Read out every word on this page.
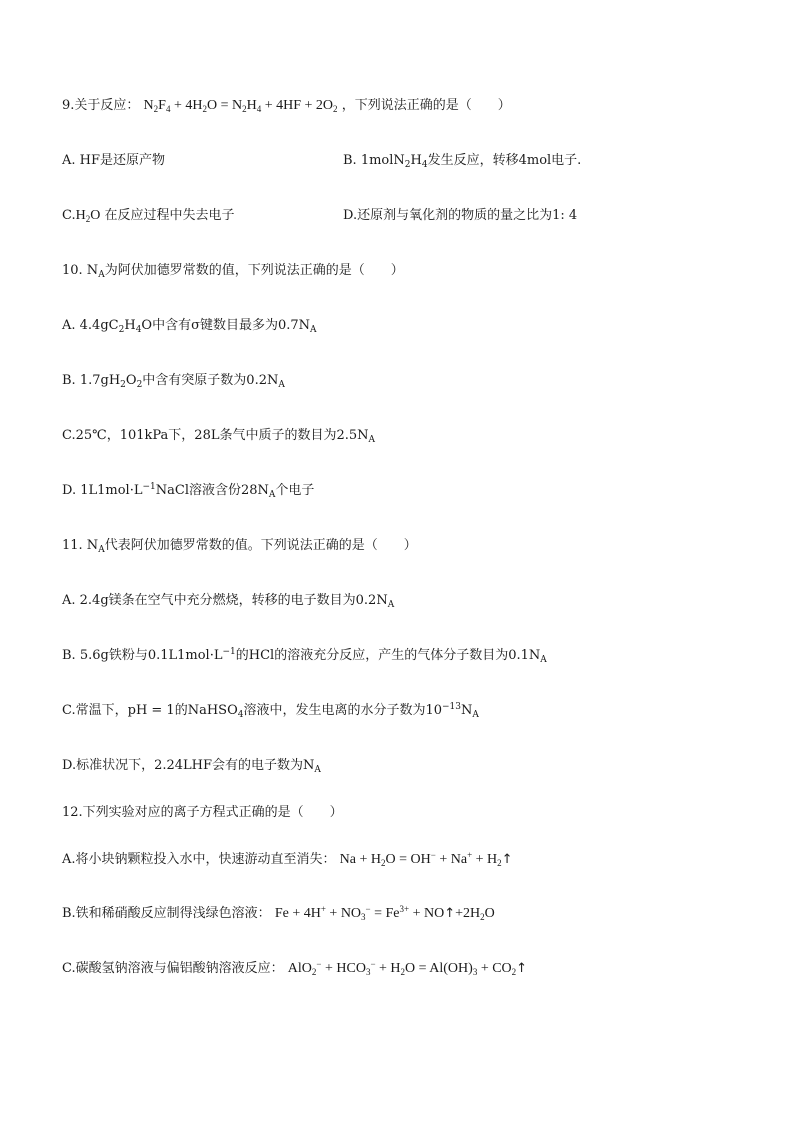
9.关于反应： $N_2F_4 + 4H_2O = N_2H_4 + 4HF + 2O_2$ ，下列说法正确的是（　　）
A. HF是还原产物	B. $1molN_2H_4$发生反应，转移4mol电子.
$C.H_2O$ 在反应过程中失去电子	D.还原剂与氧化剂的物质的量之比为1: 4
10. $N_A$为阿伏加德罗常数的值，下列说法正确的是（　　）
A. $4.4gC_2H_4O$中含有σ键数目最多为$0.7N_A$
B. $1.7gH_2O_2$中含有突原子数为$0.2N_A$
C.25℃，101kPa下，28L条气中质子的数目为$2.5N_A$
D. $1L1mol\cdot L^{-1}NaCl$溶液含份$28N_A$个电子
11. $N_A$代表阿伏加德罗常数的值。下列说法正确的是（　　）
A. 2.4g镁条在空气中充分燃烧，转移的电子数目为$0.2N_A$
B. 5.6g铁粉与$0.1L1mol\cdot L^{-1}$的HCl的溶液充分反应，产生的气体分子数目为$0.1N_A$
C.常温下，pH = 1的NaHSO$_4$溶液中，发生电离的水分子数为$10^{-13}N_A$
D.标准状况下，2.24LHF会有的电子数为$N_A$
12.下列实验对应的离子方程式正确的是（　　）
A.将小块钠颗粒投入水中，快速游动直至消失： $Na + H_2O = OH^- + Na^+$ + $H_2↑$
B.铁和稀硝酸反应制得浅绿色溶液： $Fe + 4H^+ + NO_3^- = Fe^{3+}$ + $NO↑+2H_2O$
C.碳酸氢钠溶液与偏铝酸钠溶液反应： $AlO_2^- + HCO_3^- + H_2O = Al(OH)_3$ + $CO_2↑$
